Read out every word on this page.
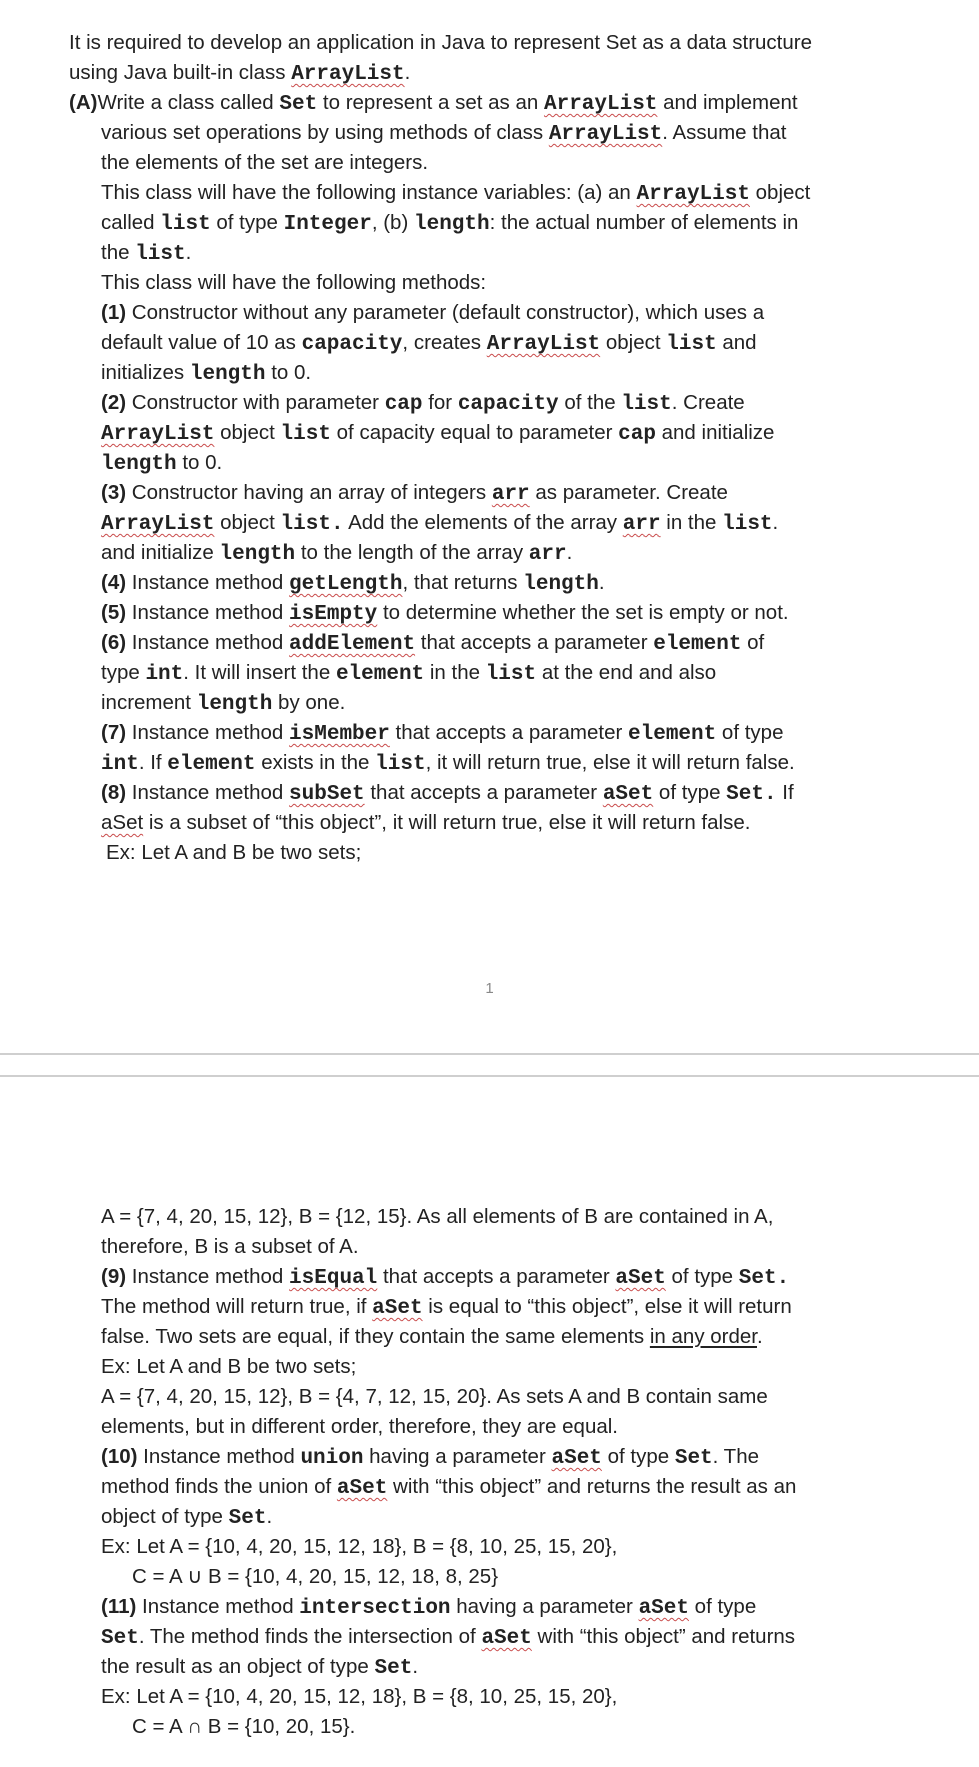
It is required to develop an application in Java to represent Set as a data structure
using Java built-in class ArrayList.
(A)Write a class called Set to represent a set as an ArrayList and implement
various set operations by using methods of class ArrayList. Assume that
the elements of the set are integers.
This class will have the following instance variables: (a) an ArrayList object
called list of type Integer, (b) length: the actual number of elements in
the list.
This class will have the following methods:
(1) Constructor without any parameter (default constructor), which uses a
default value of 10 as capacity, creates ArrayList object list and
initializes length to 0.
(2) Constructor with parameter cap for capacity of the list. Create
ArrayList object list of capacity equal to parameter cap and initialize
length to 0.
(3) Constructor having an array of integers arr as parameter. Create
ArrayList object list. Add the elements of the array arr in the list.
and initialize length to the length of the array arr.
(4) Instance method getLength, that returns length.
(5) Instance method isEmpty to determine whether the set is empty or not.
(6) Instance method addElement that accepts a parameter element of
type int. It will insert the element in the list at the end and also
increment length by one.
(7) Instance method isMember that accepts a parameter element of type
int. If element exists in the list, it will return true, else it will return false.
(8) Instance method subSet that accepts a parameter aSet of type Set. If
aSet is a subset of “this object”, it will return true, else it will return false.
Ex: Let A and B be two sets;
1
A = {7, 4, 20, 15, 12}, B = {12, 15}. As all elements of B are contained in A,
therefore, B is a subset of A.
(9) Instance method isEqual that accepts a parameter aSet of type Set.
The method will return true, if aSet is equal to “this object”, else it will return
false. Two sets are equal, if they contain the same elements in any order.
Ex: Let A and B be two sets;
A = {7, 4, 20, 15, 12}, B = {4, 7, 12, 15, 20}. As sets A and B contain same
elements, but in different order, therefore, they are equal.
(10) Instance method union having a parameter aSet of type Set. The
method finds the union of aSet with “this object” and returns the result as an
object of type Set.
Ex: Let A = {10, 4, 20, 15, 12, 18}, B = {8, 10, 25, 15, 20},
C = A ∪ B = {10, 4, 20, 15, 12, 18, 8, 25}
(11) Instance method intersection having a parameter aSet of type
Set. The method finds the intersection of aSet with “this object” and returns
the result as an object of type Set.
Ex: Let A = {10, 4, 20, 15, 12, 18}, B = {8, 10, 25, 15, 20},
C = A ∩ B = {10, 20, 15}.
